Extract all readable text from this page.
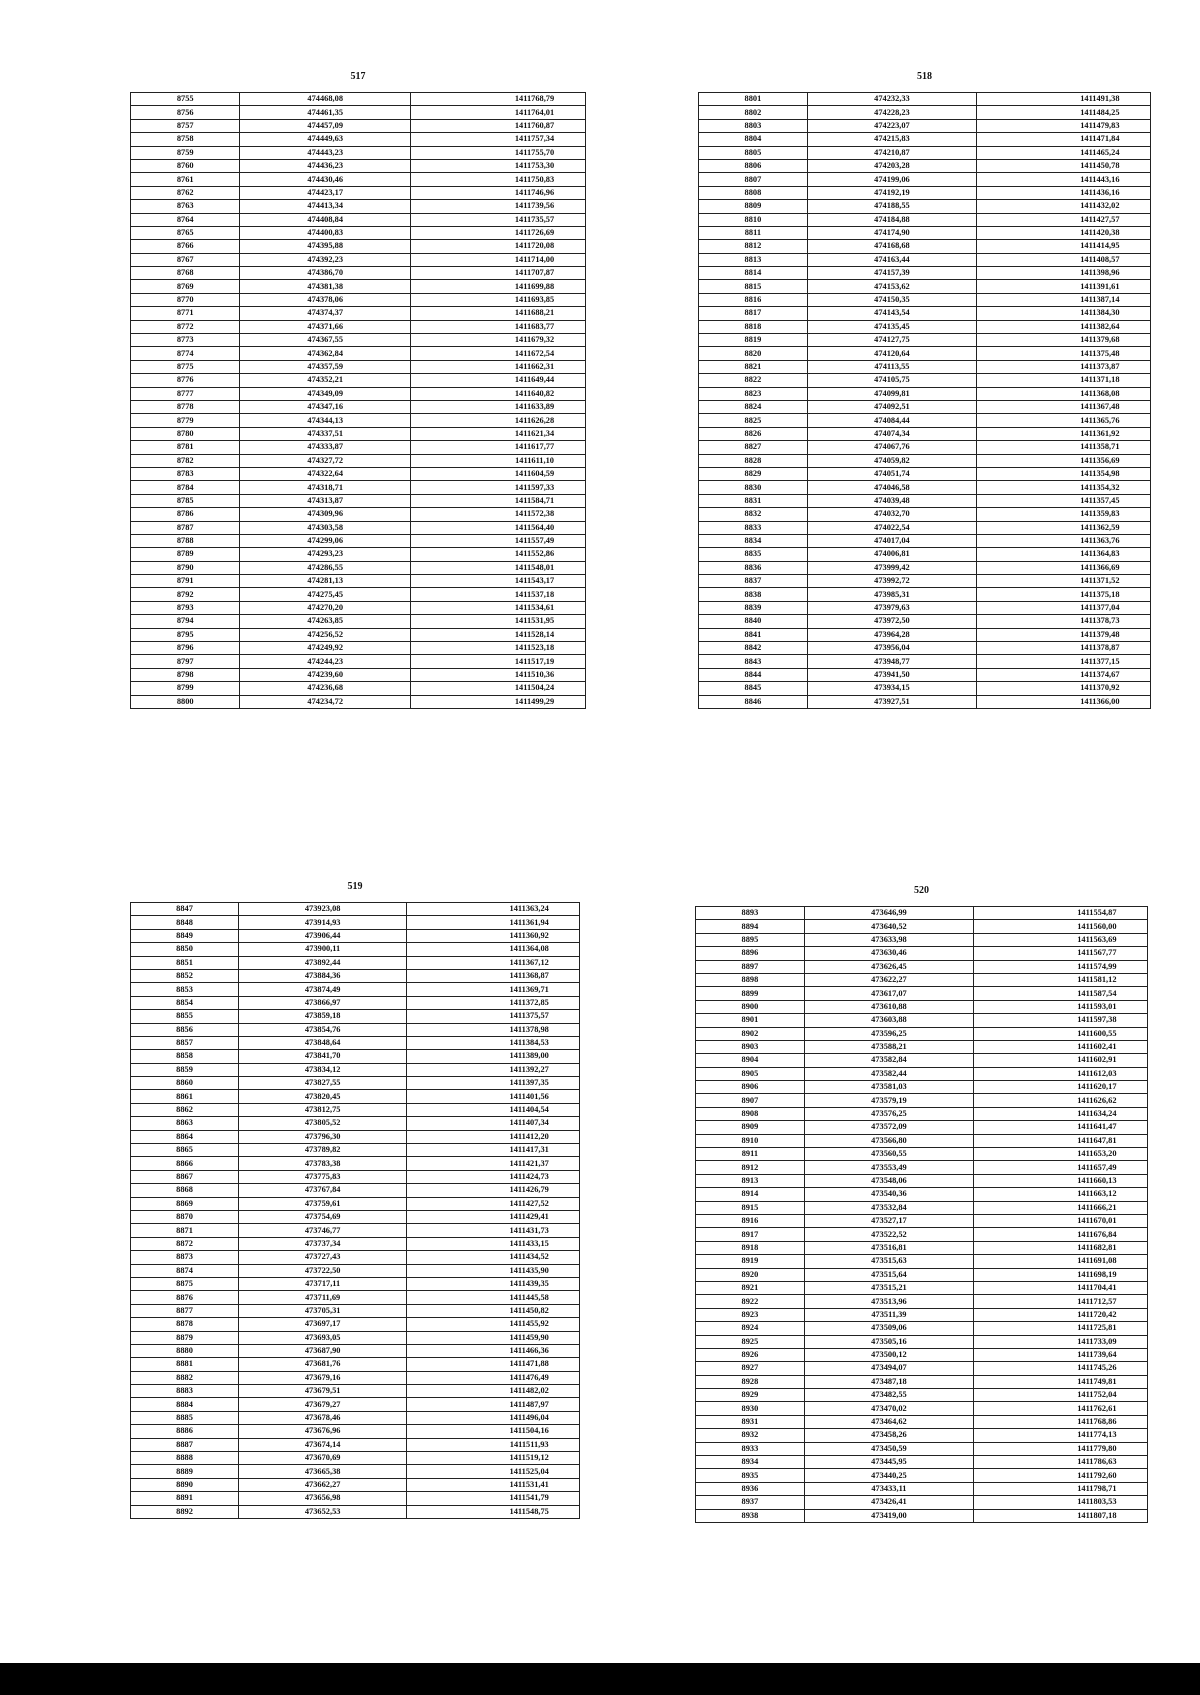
517
8755	474468,08	1411768,79
8756	474461,35	1411764,01
8757	474457,09	1411760,87
8758	474449,63	1411757,34
8759	474443,23	1411755,70
8760	474436,23	1411753,30
8761	474430,46	1411750,83
8762	474423,17	1411746,96
8763	474413,34	1411739,56
8764	474408,84	1411735,57
8765	474400,83	1411726,69
8766	474395,88	1411720,08
8767	474392,23	1411714,00
8768	474386,70	1411707,87
8769	474381,38	1411699,88
8770	474378,06	1411693,85
8771	474374,37	1411688,21
8772	474371,66	1411683,77
8773	474367,55	1411679,32
8774	474362,84	1411672,54
8775	474357,59	1411662,31
8776	474352,21	1411649,44
8777	474349,09	1411640,82
8778	474347,16	1411633,89
8779	474344,13	1411626,28
8780	474337,51	1411621,34
8781	474333,87	1411617,77
8782	474327,72	1411611,10
8783	474322,64	1411604,59
8784	474318,71	1411597,33
8785	474313,87	1411584,71
8786	474309,96	1411572,38
8787	474303,58	1411564,40
8788	474299,06	1411557,49
8789	474293,23	1411552,86
8790	474286,55	1411548,01
8791	474281,13	1411543,17
8792	474275,45	1411537,18
8793	474270,20	1411534,61
8794	474263,85	1411531,95
8795	474256,52	1411528,14
8796	474249,92	1411523,18
8797	474244,23	1411517,19
8798	474239,60	1411510,36
8799	474236,68	1411504,24
8800	474234,72	1411499,29
518
8801	474232,33	1411491,38
8802	474228,23	1411484,25
8803	474223,07	1411479,83
8804	474215,83	1411471,84
8805	474210,87	1411465,24
8806	474203,28	1411450,78
8807	474199,06	1411443,16
8808	474192,19	1411436,16
8809	474188,55	1411432,02
8810	474184,88	1411427,57
8811	474174,90	1411420,38
8812	474168,68	1411414,95
8813	474163,44	1411408,57
8814	474157,39	1411398,96
8815	474153,62	1411391,61
8816	474150,35	1411387,14
8817	474143,54	1411384,30
8818	474135,45	1411382,64
8819	474127,75	1411379,68
8820	474120,64	1411375,48
8821	474113,55	1411373,87
8822	474105,75	1411371,18
8823	474099,81	1411368,08
8824	474092,51	1411367,48
8825	474084,44	1411365,76
8826	474074,34	1411361,92
8827	474067,76	1411358,71
8828	474059,82	1411356,69
8829	474051,74	1411354,98
8830	474046,58	1411354,32
8831	474039,48	1411357,45
8832	474032,70	1411359,83
8833	474022,54	1411362,59
8834	474017,04	1411363,76
8835	474006,81	1411364,83
8836	473999,42	1411366,69
8837	473992,72	1411371,52
8838	473985,31	1411375,18
8839	473979,63	1411377,04
8840	473972,50	1411378,73
8841	473964,28	1411379,48
8842	473956,04	1411378,87
8843	473948,77	1411377,15
8844	473941,50	1411374,67
8845	473934,15	1411370,92
8846	473927,51	1411366,00
519
8847	473923,08	1411363,24
8848	473914,93	1411361,94
8849	473906,44	1411360,92
8850	473900,11	1411364,08
8851	473892,44	1411367,12
8852	473884,36	1411368,87
8853	473874,49	1411369,71
8854	473866,97	1411372,85
8855	473859,18	1411375,57
8856	473854,76	1411378,98
8857	473848,64	1411384,53
8858	473841,70	1411389,00
8859	473834,12	1411392,27
8860	473827,55	1411397,35
8861	473820,45	1411401,56
8862	473812,75	1411404,54
8863	473805,52	1411407,34
8864	473796,30	1411412,20
8865	473789,82	1411417,31
8866	473783,38	1411421,37
8867	473775,83	1411424,73
8868	473767,84	1411426,79
8869	473759,61	1411427,52
8870	473754,69	1411429,41
8871	473746,77	1411431,73
8872	473737,34	1411433,15
8873	473727,43	1411434,52
8874	473722,50	1411435,90
8875	473717,11	1411439,35
8876	473711,69	1411445,58
8877	473705,31	1411450,82
8878	473697,17	1411455,92
8879	473693,05	1411459,90
8880	473687,90	1411466,36
8881	473681,76	1411471,88
8882	473679,16	1411476,49
8883	473679,51	1411482,02
8884	473679,27	1411487,97
8885	473678,46	1411496,04
8886	473676,96	1411504,16
8887	473674,14	1411511,93
8888	473670,69	1411519,12
8889	473665,38	1411525,04
8890	473662,27	1411531,41
8891	473656,98	1411541,79
8892	473652,53	1411548,75
520
8893	473646,99	1411554,87
8894	473640,52	1411560,00
8895	473633,98	1411563,69
8896	473630,46	1411567,77
8897	473626,45	1411574,99
8898	473622,27	1411581,12
8899	473617,07	1411587,54
8900	473610,88	1411593,01
8901	473603,88	1411597,38
8902	473596,25	1411600,55
8903	473588,21	1411602,41
8904	473582,84	1411602,91
8905	473582,44	1411612,03
8906	473581,03	1411620,17
8907	473579,19	1411626,62
8908	473576,25	1411634,24
8909	473572,09	1411641,47
8910	473566,80	1411647,81
8911	473560,55	1411653,20
8912	473553,49	1411657,49
8913	473548,06	1411660,13
8914	473540,36	1411663,12
8915	473532,84	1411666,21
8916	473527,17	1411670,01
8917	473522,52	1411676,84
8918	473516,81	1411682,81
8919	473515,63	1411691,08
8920	473515,64	1411698,19
8921	473515,21	1411704,41
8922	473513,96	1411712,57
8923	473511,39	1411720,42
8924	473509,06	1411725,81
8925	473505,16	1411733,09
8926	473500,12	1411739,64
8927	473494,07	1411745,26
8928	473487,18	1411749,81
8929	473482,55	1411752,04
8930	473470,02	1411762,61
8931	473464,62	1411768,86
8932	473458,26	1411774,13
8933	473450,59	1411779,80
8934	473445,95	1411786,63
8935	473440,25	1411792,60
8936	473433,11	1411798,71
8937	473426,41	1411803,53
8938	473419,00	1411807,18
